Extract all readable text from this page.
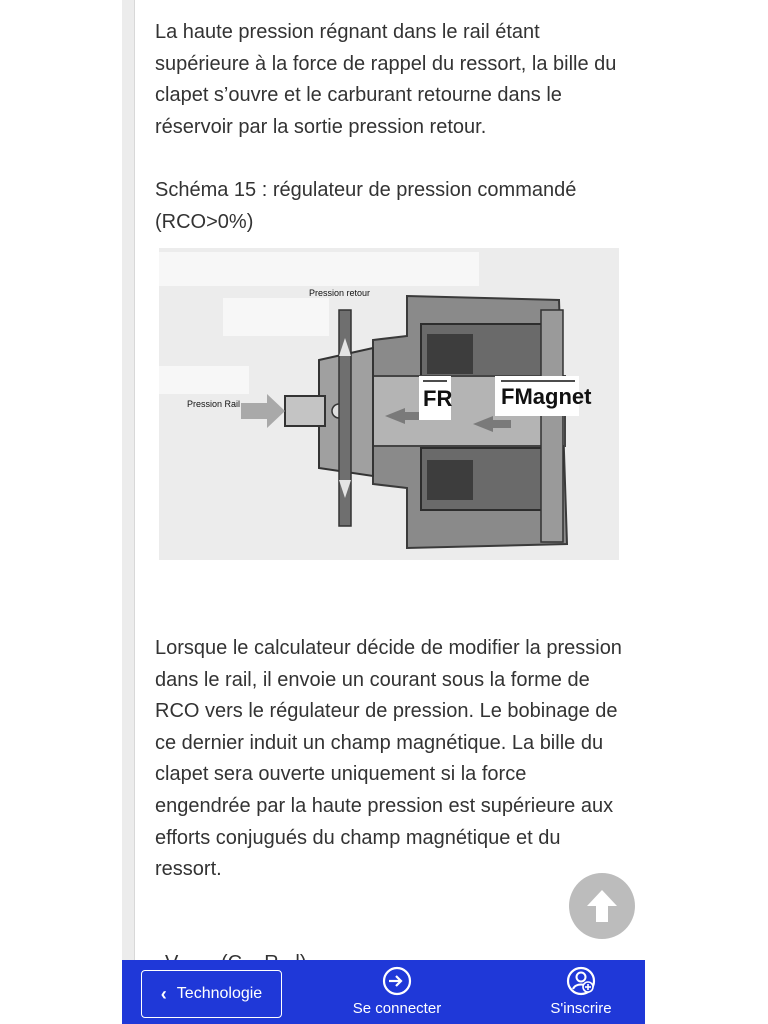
La haute pression régnant dans le rail étant supérieure à la force de rappel du ressort, la bille du clapet s’ouvre et le carburant retourne dans le réservoir par la sortie pression retour.

Schéma 15 : régulateur de pression commandé (RCO>0%)

Pression retour
Pression Rail	FR FMagnet

Lorsque le calculateur décide de modifier la pression dans le rail, il envoie un courant sous la forme de RCO vers le régulateur de pression. Le bobinage de ce dernier induit un champ magnétique. La bille du clapet sera ouverte uniquement si la force engendrée par la haute pression est supérieure aux efforts conjugués du champ magnétique et du ressort.

‹ Technologie
Se connecter	S'inscrire
